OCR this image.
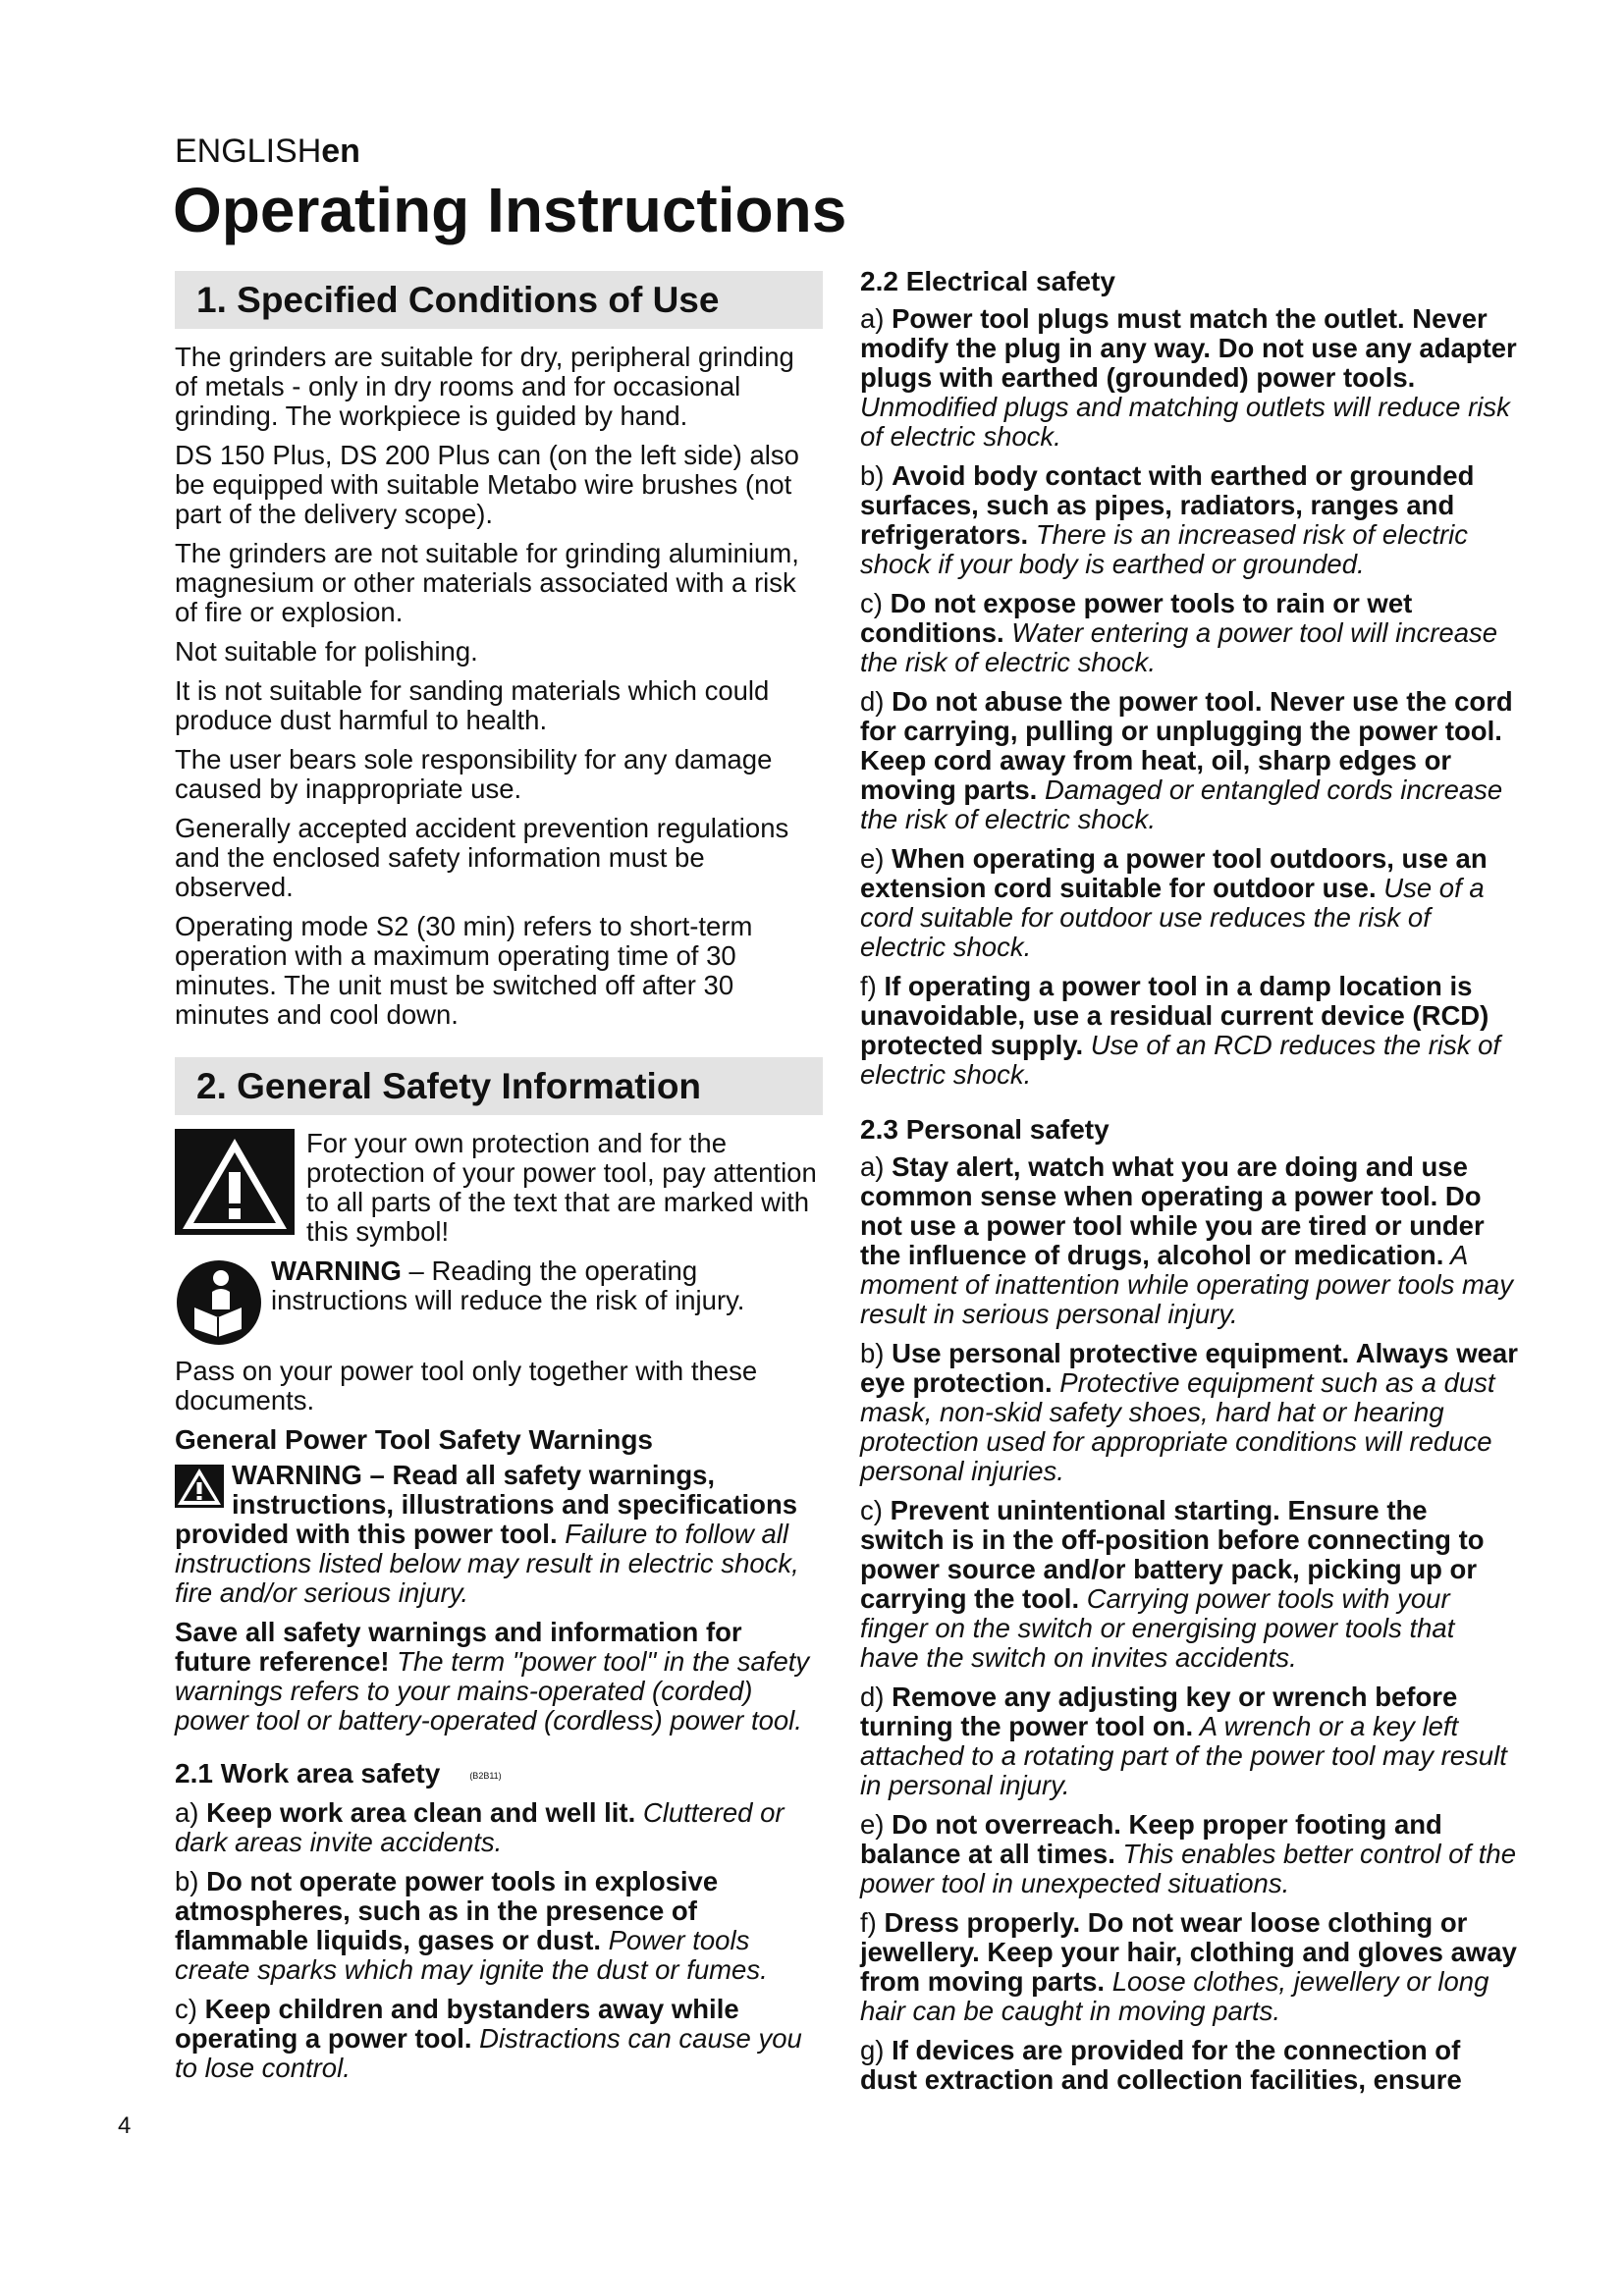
ENGLISHen
Operating Instructions
1. Specified Conditions of Use

The grinders are suitable for dry, peripheral grinding of metals - only in dry rooms and for occasional grinding. The workpiece is guided by hand.

DS 150 Plus, DS 200 Plus can (on the left side) also be equipped with suitable Metabo wire brushes (not part of the delivery scope).

The grinders are not suitable for grinding aluminium, magnesium or other materials associated with a risk of fire or explosion.

Not suitable for polishing.

It is not suitable for sanding materials which could produce dust harmful to health.

The user bears sole responsibility for any damage caused by inappropriate use.

Generally accepted accident prevention regulations and the enclosed safety information must be observed.

Operating mode S2 (30 min) refers to short-term operation with a maximum operating time of 30 minutes. The unit must be switched off after 30 minutes and cool down.

2. General Safety Information
For your own protection and for the protection of your power tool, pay attention to all parts of the text that are marked with this symbol!
WARNING – Reading the operating instructions will reduce the risk of injury.

Pass on your power tool only together with these documents.

General Power Tool Safety Warnings

WARNING – Read all safety warnings, instructions, illustrations and specifications provided with this power tool. Failure to follow all instructions listed below may result in electric shock, fire and/or serious injury.

Save all safety warnings and information for future reference! The term "power tool" in the safety warnings refers to your mains-operated (corded) power tool or battery-operated (cordless) power tool.

2.1 Work area safety	(B2B11)

a) Keep work area clean and well lit. Cluttered or dark areas invite accidents.

b) Do not operate power tools in explosive atmospheres, such as in the presence of flammable liquids, gases or dust. Power tools create sparks which may ignite the dust or fumes.

c) Keep children and bystanders away while operating a power tool. Distractions can cause you to lose control.

2.2 Electrical safety

a) Power tool plugs must match the outlet. Never modify the plug in any way. Do not use any adapter plugs with earthed (grounded) power tools. Unmodified plugs and matching outlets will reduce risk of electric shock.

b) Avoid body contact with earthed or grounded surfaces, such as pipes, radiators, ranges and refrigerators. There is an increased risk of electric shock if your body is earthed or grounded.

c) Do not expose power tools to rain or wet conditions. Water entering a power tool will increase the risk of electric shock.

d) Do not abuse the power tool. Never use the cord for carrying, pulling or unplugging the power tool. Keep cord away from heat, oil, sharp edges or moving parts. Damaged or entangled cords increase the risk of electric shock.

e) When operating a power tool outdoors, use an extension cord suitable for outdoor use. Use of a cord suitable for outdoor use reduces the risk of electric shock.

f) If operating a power tool in a damp location is unavoidable, use a residual current device (RCD) protected supply. Use of an RCD reduces the risk of electric shock.

2.3 Personal safety

a) Stay alert, watch what you are doing and use common sense when operating a power tool. Do not use a power tool while you are tired or under the influence of drugs, alcohol or medication. A moment of inattention while operating power tools may result in serious personal injury.

b) Use personal protective equipment. Always wear eye protection. Protective equipment such as a dust mask, non-skid safety shoes, hard hat or hearing protection used for appropriate conditions will reduce personal injuries.

c) Prevent unintentional starting. Ensure the switch is in the off-position before connecting to power source and/or battery pack, picking up or carrying the tool. Carrying power tools with your finger on the switch or energising power tools that have the switch on invites accidents.

d) Remove any adjusting key or wrench before turning the power tool on. A wrench or a key left attached to a rotating part of the power tool may result in personal injury.

e) Do not overreach. Keep proper footing and balance at all times. This enables better control of the power tool in unexpected situations.

f) Dress properly. Do not wear loose clothing or jewellery. Keep your hair, clothing and gloves away from moving parts. Loose clothes, jewellery or long hair can be caught in moving parts.

g) If devices are provided for the connection of dust extraction and collection facilities, ensure

4
